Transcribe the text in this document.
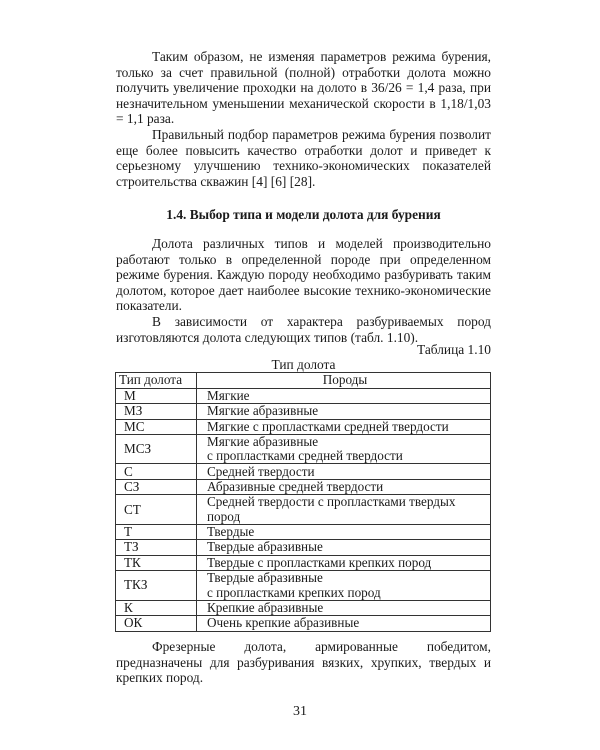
Таким образом, не изменяя параметров режима бурения, только за счет правильной (полной) отработки долота можно получить увеличение проходки на долото в 36/26 = 1,4 раза, при незначительном уменьшении механической скорости в 1,18/1,03 = 1,1 раза.

Правильный подбор параметров режима бурения позволит еще более повысить качество отработки долот и приведет к серьезному улучшению технико-экономических показателей строительства скважин [4] [6] [28].

1.4. Выбор типа и модели долота для бурения

Долота различных типов и моделей производительно работают только в определенной породе при определенном режиме бурения. Каждую породу необходимо разбуривать таким долотом, которое дает наиболее высокие технико-экономические показатели.

В зависимости от характера разбуриваемых пород изготовляются долота следующих типов (табл. 1.10).

Таблица 1.10
Тип долота
Тип долота	Породы
М	Мягкие
МЗ	Мягкие абразивные
МС	Мягкие с пропластками средней твердости
МСЗ	Мягкие абразивные
с пропластками средней твердости

С	Средней твердости
СЗ	Абразивные средней твердости
СТ	Средней твердости с пропластками твердых пород
Т	Твердые
ТЗ	Твердые абразивные
ТК	Твердые с пропластками крепких пород
ТКЗ	Твердые абразивные
с пропластками крепких пород

К	Крепкие абразивные
ОК	Очень крепкие абразивные

Фрезерные долота, армированные победитом, предназначены для разбуривания вязких, хрупких, твердых и крепких пород.

31
